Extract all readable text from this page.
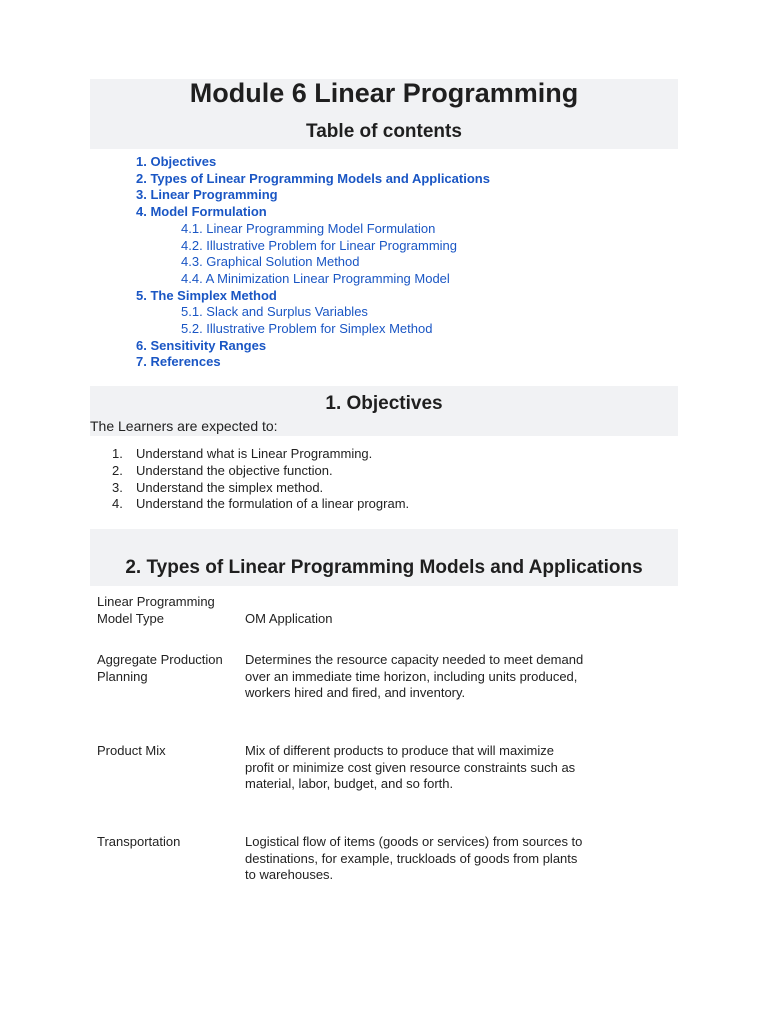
Module 6 Linear Programming
Table of contents
1. Objectives
2. Types of Linear Programming Models and Applications
3. Linear Programming
4. Model Formulation
4.1. Linear Programming Model Formulation
4.2. Illustrative Problem for Linear Programming
4.3. Graphical Solution Method
4.4. A Minimization Linear Programming Model
5. The Simplex Method
5.1. Slack and Surplus Variables
5.2. Illustrative Problem for Simplex Method
6. Sensitivity Ranges
7. References
1. Objectives

The Learners are expected to:

1. Understand what is Linear Programming.
2. Understand the objective function.
3. Understand the simplex method.
4. Understand the formulation of a linear program.
2. Types of Linear Programming Models and Applications
Linear Programming Model Type	OM Application
Aggregate Production Planning	Determines the resource capacity needed to meet demand over an immediate time horizon, including units produced, workers hired and fired, and inventory.
Product Mix	Mix of different products to produce that will maximize profit or minimize cost given resource constraints such as material, labor, budget, and so forth.
Transportation	Logistical flow of items (goods or services) from sources to destinations, for example, truckloads of goods from plants to warehouses.
